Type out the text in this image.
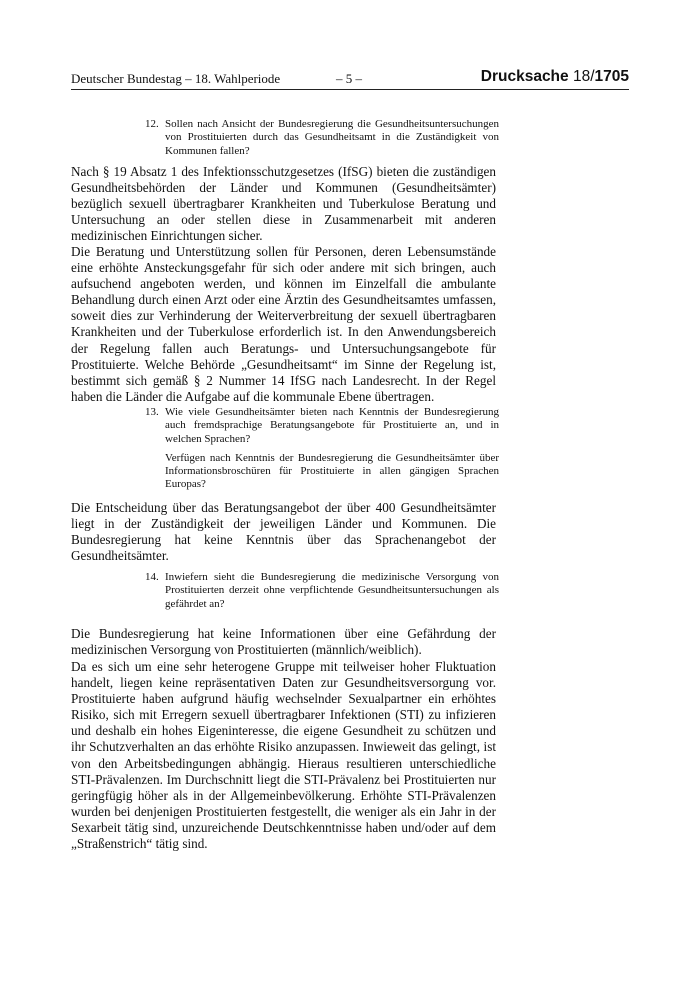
Deutscher Bundestag – 18. Wahlperiode	– 5 –	Drucksache 18/1705
12. Sollen nach Ansicht der Bundesregierung die Gesundheitsuntersuchungen von Prostituierten durch das Gesundheitsamt in die Zuständigkeit von Kommunen fallen?
Nach § 19 Absatz 1 des Infektionsschutzgesetzes (IfSG) bieten die zuständigen Gesundheitsbehörden der Länder und Kommunen (Gesundheitsämter) bezüglich sexuell übertragbarer Krankheiten und Tuberkulose Beratung und Untersuchung an oder stellen diese in Zusammenarbeit mit anderen medizinischen Einrichtungen sicher.
Die Beratung und Unterstützung sollen für Personen, deren Lebensumstände eine erhöhte Ansteckungsgefahr für sich oder andere mit sich bringen, auch aufsuchend angeboten werden, und können im Einzelfall die ambulante Behandlung durch einen Arzt oder eine Ärztin des Gesundheitsamtes umfassen, soweit dies zur Verhinderung der Weiterverbreitung der sexuell übertragbaren Krankheiten und der Tuberkulose erforderlich ist. In den Anwendungsbereich der Regelung fallen auch Beratungs- und Untersuchungsangebote für Prostituierte. Welche Behörde „Gesundheitsamt“ im Sinne der Regelung ist, bestimmt sich gemäß § 2 Nummer 14 IfSG nach Landesrecht. In der Regel haben die Länder die Aufgabe auf die kommunale Ebene übertragen.
13. Wie viele Gesundheitsämter bieten nach Kenntnis der Bundesregierung auch fremdsprachige Beratungsangebote für Prostituierte an, und in welchen Sprachen?
Verfügen nach Kenntnis der Bundesregierung die Gesundheitsämter über Informationsbroschüren für Prostituierte in allen gängigen Sprachen Europas?
Die Entscheidung über das Beratungsangebot der über 400 Gesundheitsämter liegt in der Zuständigkeit der jeweiligen Länder und Kommunen. Die Bundesregierung hat keine Kenntnis über das Sprachenangebot der Gesundheitsämter.
14. Inwiefern sieht die Bundesregierung die medizinische Versorgung von Prostituierten derzeit ohne verpflichtende Gesundheitsuntersuchungen als gefährdet an?
Die Bundesregierung hat keine Informationen über eine Gefährdung der medizinischen Versorgung von Prostituierten (männlich/weiblich).
Da es sich um eine sehr heterogene Gruppe mit teilweiser hoher Fluktuation handelt, liegen keine repräsentativen Daten zur Gesundheitsversorgung vor. Prostituierte haben aufgrund häufig wechselnder Sexualpartner ein erhöhtes Risiko, sich mit Erregern sexuell übertragbarer Infektionen (STI) zu infizieren und deshalb ein hohes Eigeninteresse, die eigene Gesundheit zu schützen und ihr Schutzverhalten an das erhöhte Risiko anzupassen. Inwieweit das gelingt, ist von den Arbeitsbedingungen abhängig. Hieraus resultieren unterschiedliche STI-Prävalenzen. Im Durchschnitt liegt die STI-Prävalenz bei Prostituierten nur geringfügig höher als in der Allgemeinbevölkerung. Erhöhte STI-Prävalenzen wurden bei denjenigen Prostituierten festgestellt, die weniger als ein Jahr in der Sexarbeit tätig sind, unzureichende Deutschkenntnisse haben und/oder auf dem „Straßenstrich“ tätig sind.
